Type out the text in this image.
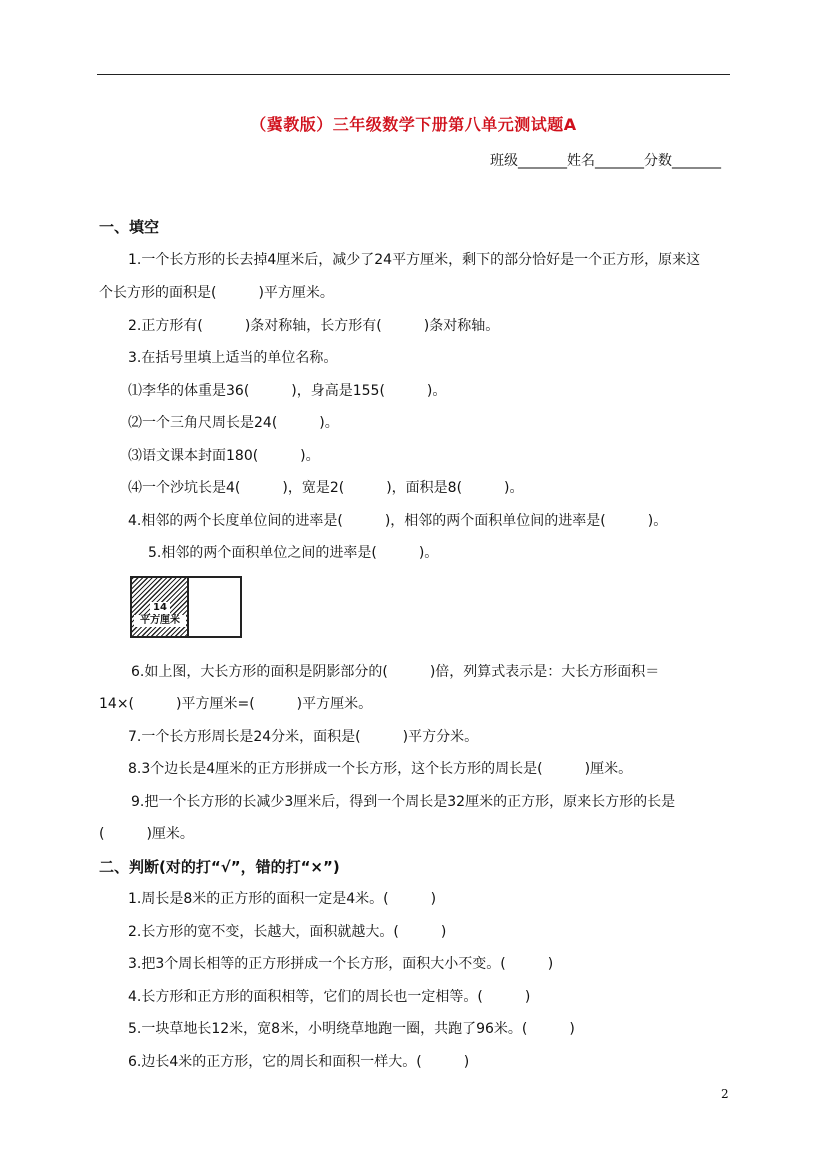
（冀教版）三年级数学下册第八单元测试题A
班级_______姓名_______分数_______
一、填空
1.一个长方形的长去掉4厘米后，减少了24平方厘米，剩下的部分恰好是一个正方形，原来这
个长方形的面积是(　　　)平方厘米。
2.正方形有(　　　)条对称轴，长方形有(　　　)条对称轴。
3.在括号里填上适当的单位名称。
⑴李华的体重是36(　　　)，身高是155(　　　)。
⑵一个三角尺周长是24(　　　)。
⑶语文课本封面180(　　　)。
⑷一个沙坑长是4(　　　)，宽是2(　　　)，面积是8(　　　)。
4.相邻的两个长度单位间的进率是(　　　)，相邻的两个面积单位间的进率是(　　　)。
5.相邻的两个面积单位之间的进率是(　　　)。
14
平方厘米
6.如上图，大长方形的面积是阴影部分的(　　　)倍，列算式表示是：大长方形面积＝
14×(　　　)平方厘米=(　　　)平方厘米。
7.一个长方形周长是24分米，面积是(　　　)平方分米。
8.3个边长是4厘米的正方形拼成一个长方形，这个长方形的周长是(　　　)厘米。
9.把一个长方形的长减少3厘米后，得到一个周长是32厘米的正方形，原来长方形的长是
(　　　)厘米。
二、判断(对的打“√”，错的打“×”)
1.周长是8米的正方形的面积一定是4米。(　　　)
2.长方形的宽不变，长越大，面积就越大。(　　　)
3.把3个周长相等的正方形拼成一个长方形，面积大小不变。(　　　)
4.长方形和正方形的面积相等，它们的周长也一定相等。(　　　)
5.一块草地长12米，宽8米，小明绕草地跑一圈，共跑了96米。(　　　)
6.边长4米的正方形，它的周长和面积一样大。(　　　)
2
